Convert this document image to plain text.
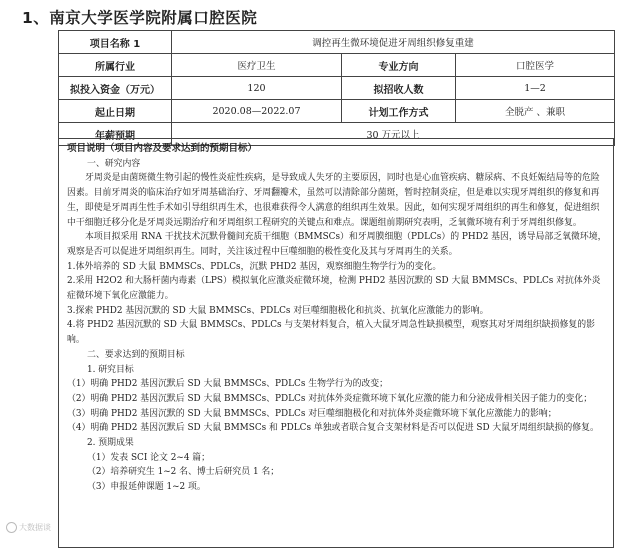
1、南京大学医学院附属口腔医院
项目名称 1	调控再生微环境促进牙周组织修复重建		
所属行业	医疗卫生	专业方向	口腔医学
拟投入资金（万元）	120	拟招收人数	1—2
起止日期	2020.08—2022.07	计划工作方式	全脱产 、兼职
年薪预期	30 万元以上		

项目说明（项目内容及要求达到的预期目标）

一、研究内容

牙周炎是由菌斑微生物引起的慢性炎症性疾病，是导致成人失牙的主要原因，同时也是心血管疾病、糖尿病、不良妊娠结局等的危险因素。目前牙周炎的临床治疗如牙周基础治疗、牙周翻瓣术，虽然可以清除部分菌斑，暂时控制炎症，但是难以实现牙周组织的修复和再生，即使是牙周再生性手术如引导组织再生术，也很难获得令人满意的组织再生效果。因此，如何实现牙周组织的再生和修复，促进组织中干细胞迁移分化是牙周炎远期治疗和牙周组织工程研究的关键点和难点。课题组前期研究表明，乏氧微环境有利于牙周组织修复。

本项目拟采用 RNA 干扰技术沉默骨髓间充质干细胞（BMMSCs）和牙周膜细胞（PDLCs）的 PHD2 基因，诱导局部乏氧微环境，观察是否可以促进牙周组织再生。同时，关注该过程中巨噬细胞的极性变化及其与牙周再生的关系。

1.体外培养的 SD 大鼠 BMMSCs、PDLCs，沉默 PHD2 基因，观察细胞生物学行为的变化。

2.采用 H2O2 和大肠杆菌内毒素（LPS）模拟氧化应激炎症微环境，检测 PHD2 基因沉默的 SD 大鼠 BMMSCs、PDLCs 对抗体外炎症微环境下氧化应激能力。

3.探索 PHD2 基因沉默的 SD 大鼠 BMMSCs、PDLCs 对巨噬细胞极化和抗炎、抗氧化应激能力的影响。

4.将 PHD2 基因沉默的 SD 大鼠 BMMSCs、PDLCs 与支架材料复合，植入大鼠牙周急性缺损模型，观察其对牙周组织缺损修复的影响。

二、要求达到的预期目标

1. 研究目标

（1）明确 PHD2 基因沉默后 SD 大鼠 BMMSCs、PDLCs 生物学行为的改变；

（2）明确 PHD2 基因沉默后 SD 大鼠 BMMSCs、PDLCs 对抗体外炎症微环境下氧化应激的能力和分泌成骨相关因子能力的变化；

（3）明确 PHD2 基因沉默的 SD 大鼠 BMMSCs、PDLCs 对巨噬细胞极化和对抗体外炎症微环境下氧化应激能力的影响；

（4）明确 PHD2 基因沉默后 SD 大鼠 BMMSCs 和 PDLCs 单独或者联合复合支架材料是否可以促进 SD 大鼠牙周组织缺损的修复。

2. 预期成果

（1）发表 SCI 论文 2~4 篇；

（2）培养研究生 1~2 名、博士后研究员 1 名；

（3）申报延伸课题 1~2 项。

大数据谈
